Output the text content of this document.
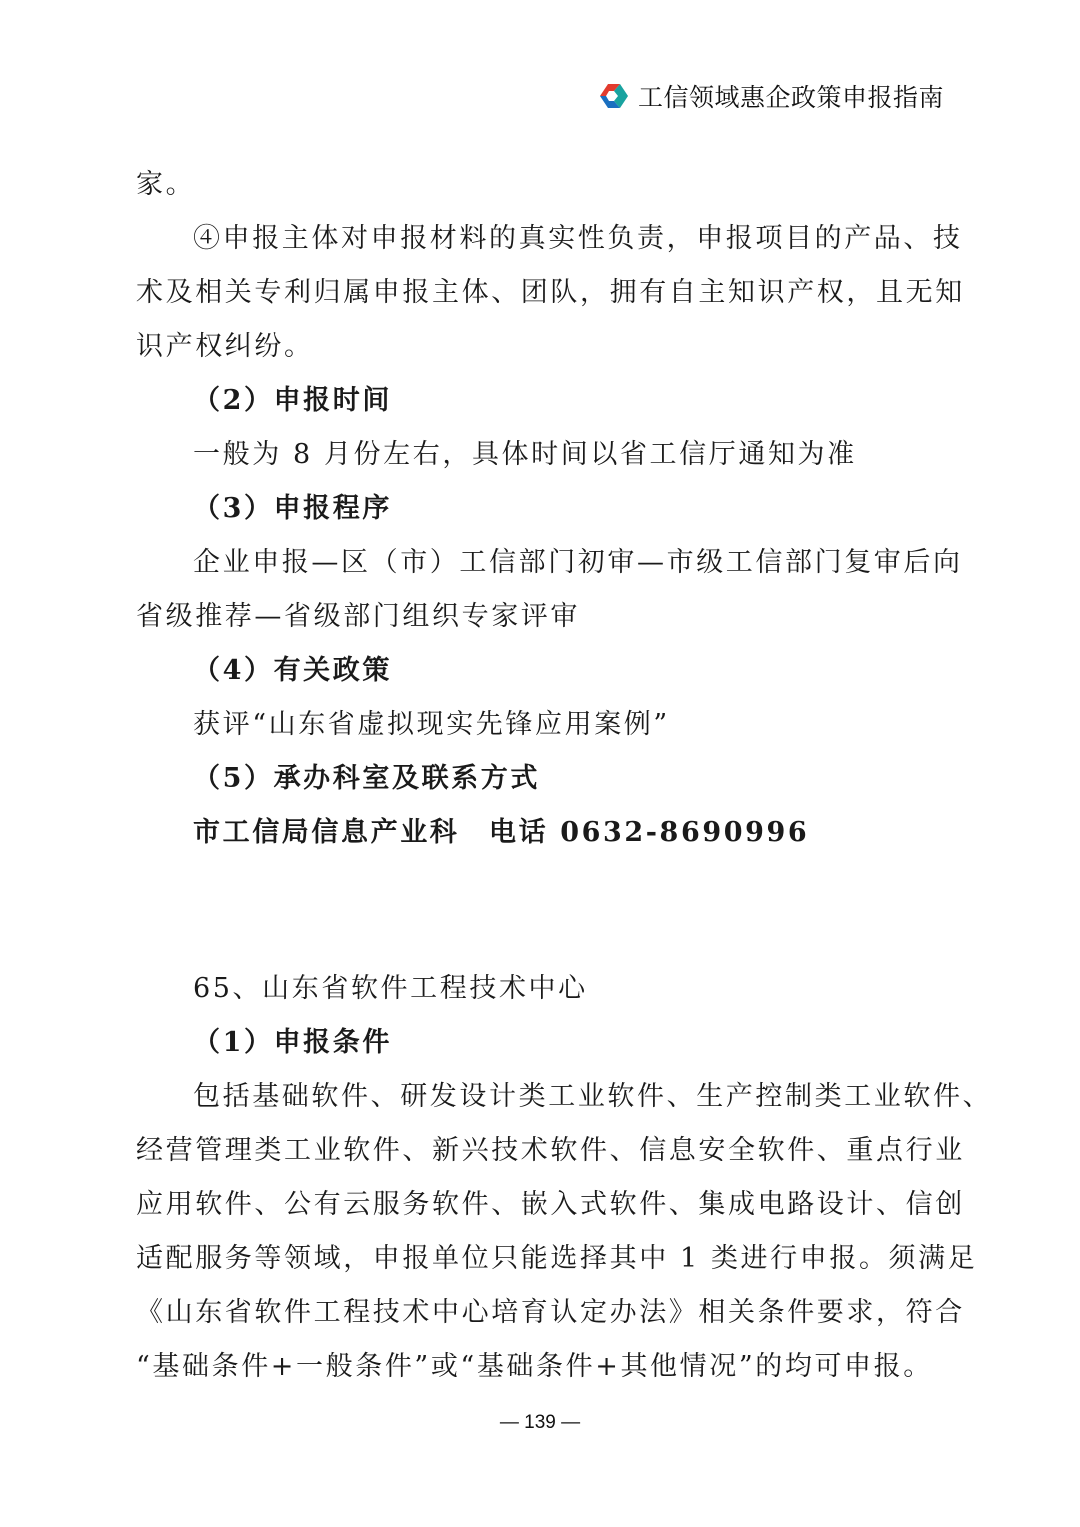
工信领域惠企政策申报指南
家。
④申报主体对申报材料的真实性负责，申报项目的产品、技
术及相关专利归属申报主体、团队，拥有自主知识产权，且无知
识产权纠纷。
（2）申报时间
一般为 8 月份左右，具体时间以省工信厅通知为准
（3）申报程序
企业申报—区（市）工信部门初审—市级工信部门复审后向
省级推荐—省级部门组织专家评审
（4）有关政策
获评“山东省虚拟现实先锋应用案例”
（5）承办科室及联系方式
市工信局信息产业科　电话 0632-8690996
65、山东省软件工程技术中心
（1）申报条件
包括基础软件、研发设计类工业软件、生产控制类工业软件、
经营管理类工业软件、新兴技术软件、信息安全软件、重点行业
应用软件、公有云服务软件、嵌入式软件、集成电路设计、信创
适配服务等领域，申报单位只能选择其中 1 类进行申报。须满足
《山东省软件工程技术中心培育认定办法》相关条件要求，符合
“基础条件+一般条件”或“基础条件+其他情况”的均可申报。
— 139 —
